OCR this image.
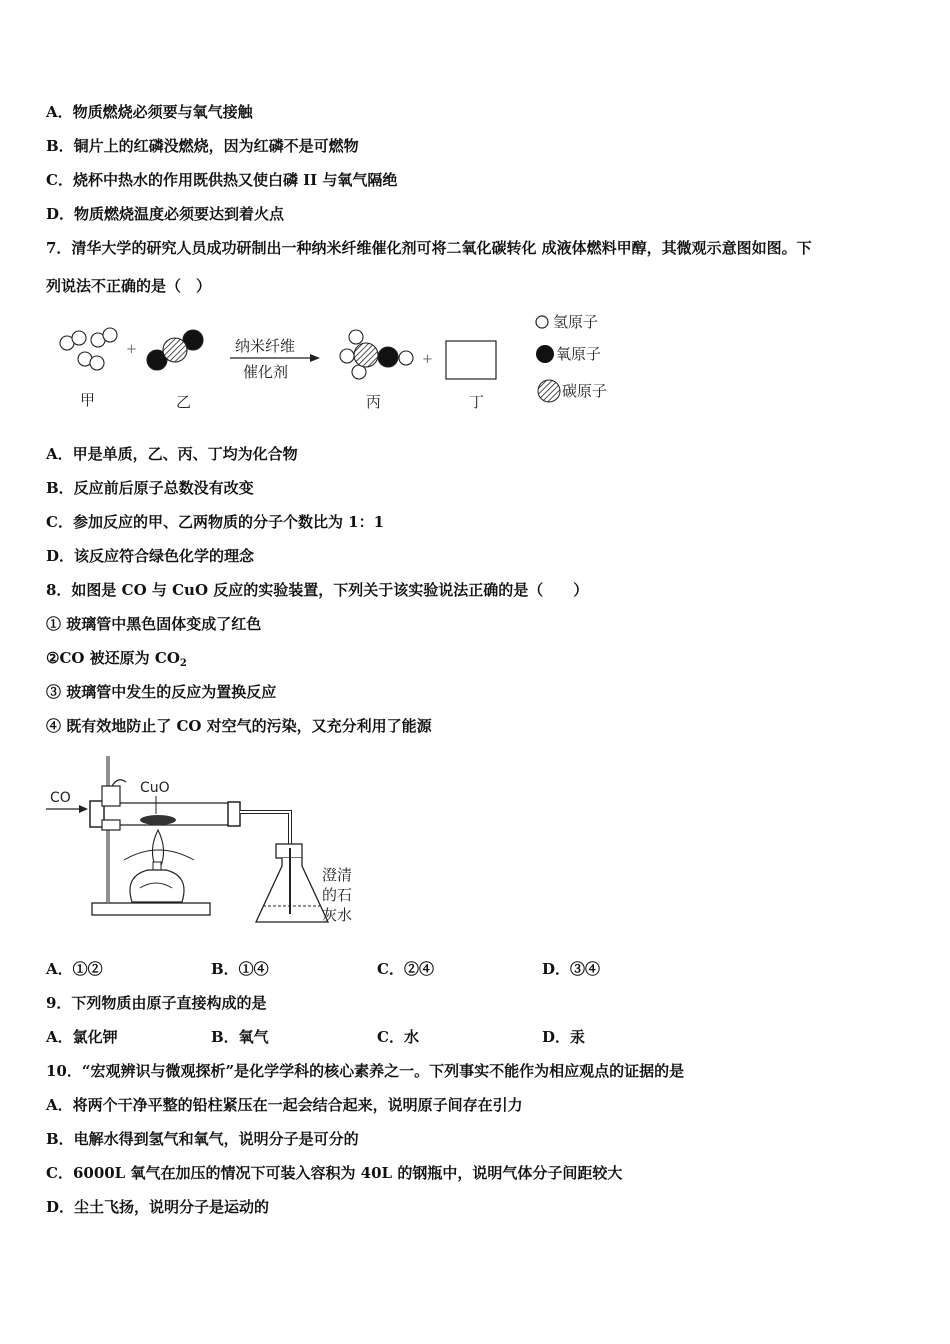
A．物质燃烧必须要与氧气接触
B．铜片上的红磷没燃烧，因为红磷不是可燃物
C．烧杯中热水的作用既供热又使白磷 II 与氧气隔绝
D．物质燃烧温度必须要达到着火点
7．清华大学的研究人员成功研制出一种纳米纤维催化剂可将二氧化碳转化 成液体燃料甲醇，其微观示意图如图。下
列说法不正确的是（　）
+	纳米纤维
催化剂
+
甲	乙	丙	丁
氢原子
氧原子
碳原子
A．甲是单质，乙、丙、丁均为化合物
B．反应前后原子总数没有改变
C．参加反应的甲、乙两物质的分子个数比为 1：1
D．该反应符合绿色化学的理念
8．如图是 CO 与 CuO 反应的实验装置，下列关于该实验说法正确的是（　　）
① 玻璃管中黑色固体变成了红色
②CO 被还原为 $CO_2$
③ 玻璃管中发生的反应为置换反应
④ 既有效地防止了 CO 对空气的污染，又充分利用了能源
CO
CuO
澄清
的石
灰水
A．①②	B．①④	C．②④	D．③④
9．下列物质由原子直接构成的是
A．氯化钾	B．氧气	C．水	D．汞
10．“宏观辨识与微观探析”是化学学科的核心素养之一。下列事实不能作为相应观点的证据的是
A．将两个干净平整的铅柱紧压在一起会结合起来，说明原子间存在引力
B．电解水得到氢气和氧气，说明分子是可分的
C．6000L 氧气在加压的情况下可装入容积为 40L 的钢瓶中，说明气体分子间距较大
D．尘土飞扬，说明分子是运动的
